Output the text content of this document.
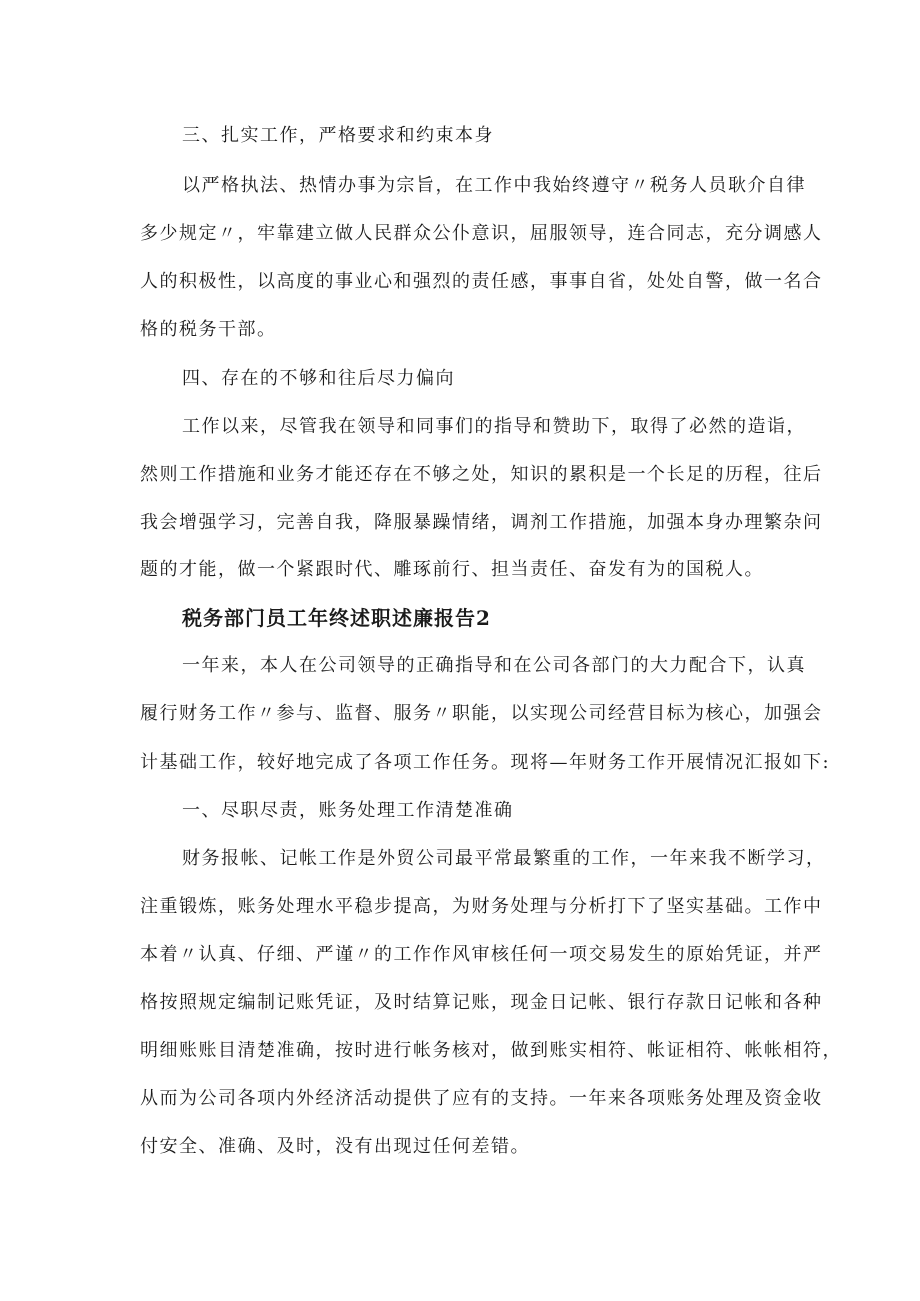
三、扎实工作，严格要求和约束本身
以严格执法、热情办事为宗旨，在工作中我始终遵守〃税务人员耿介自律
多少规定〃，牢靠建立做人民群众公仆意识，屈服领导，连合同志，充分调感人
人的积极性，以高度的事业心和强烈的责任感，事事自省，处处自警，做一名合
格的税务干部。
四、存在的不够和往后尽力偏向
工作以来，尽管我在领导和同事们的指导和赞助下，取得了必然的造诣，
然则工作措施和业务才能还存在不够之处，知识的累积是一个长足的历程，往后
我会增强学习，完善自我，降服暴躁情绪，调剂工作措施，加强本身办理繁杂问
题的才能，做一个紧跟时代、雕琢前行、担当责任、奋发有为的国税人。
税务部门员工年终述职述廉报告2
一年来，本人在公司领导的正确指导和在公司各部门的大力配合下，认真
履行财务工作〃参与、监督、服务〃职能，以实现公司经营目标为核心，加强会
计基础工作，较好地完成了各项工作任务。现将—年财务工作开展情况汇报如下:
一、尽职尽责，账务处理工作清楚准确
财务报帐、记帐工作是外贸公司最平常最繁重的工作，一年来我不断学习，
注重锻炼，账务处理水平稳步提高，为财务处理与分析打下了坚实基础。工作中
本着〃认真、仔细、严谨〃的工作作风审核任何一项交易发生的原始凭证，并严
格按照规定编制记账凭证，及时结算记账，现金日记帐、银行存款日记帐和各种
明细账账目清楚准确，按时进行帐务核对，做到账实相符、帐证相符、帐帐相符，
从而为公司各项内外经济活动提供了应有的支持。一年来各项账务处理及资金收
付安全、准确、及时，没有出现过任何差错。
